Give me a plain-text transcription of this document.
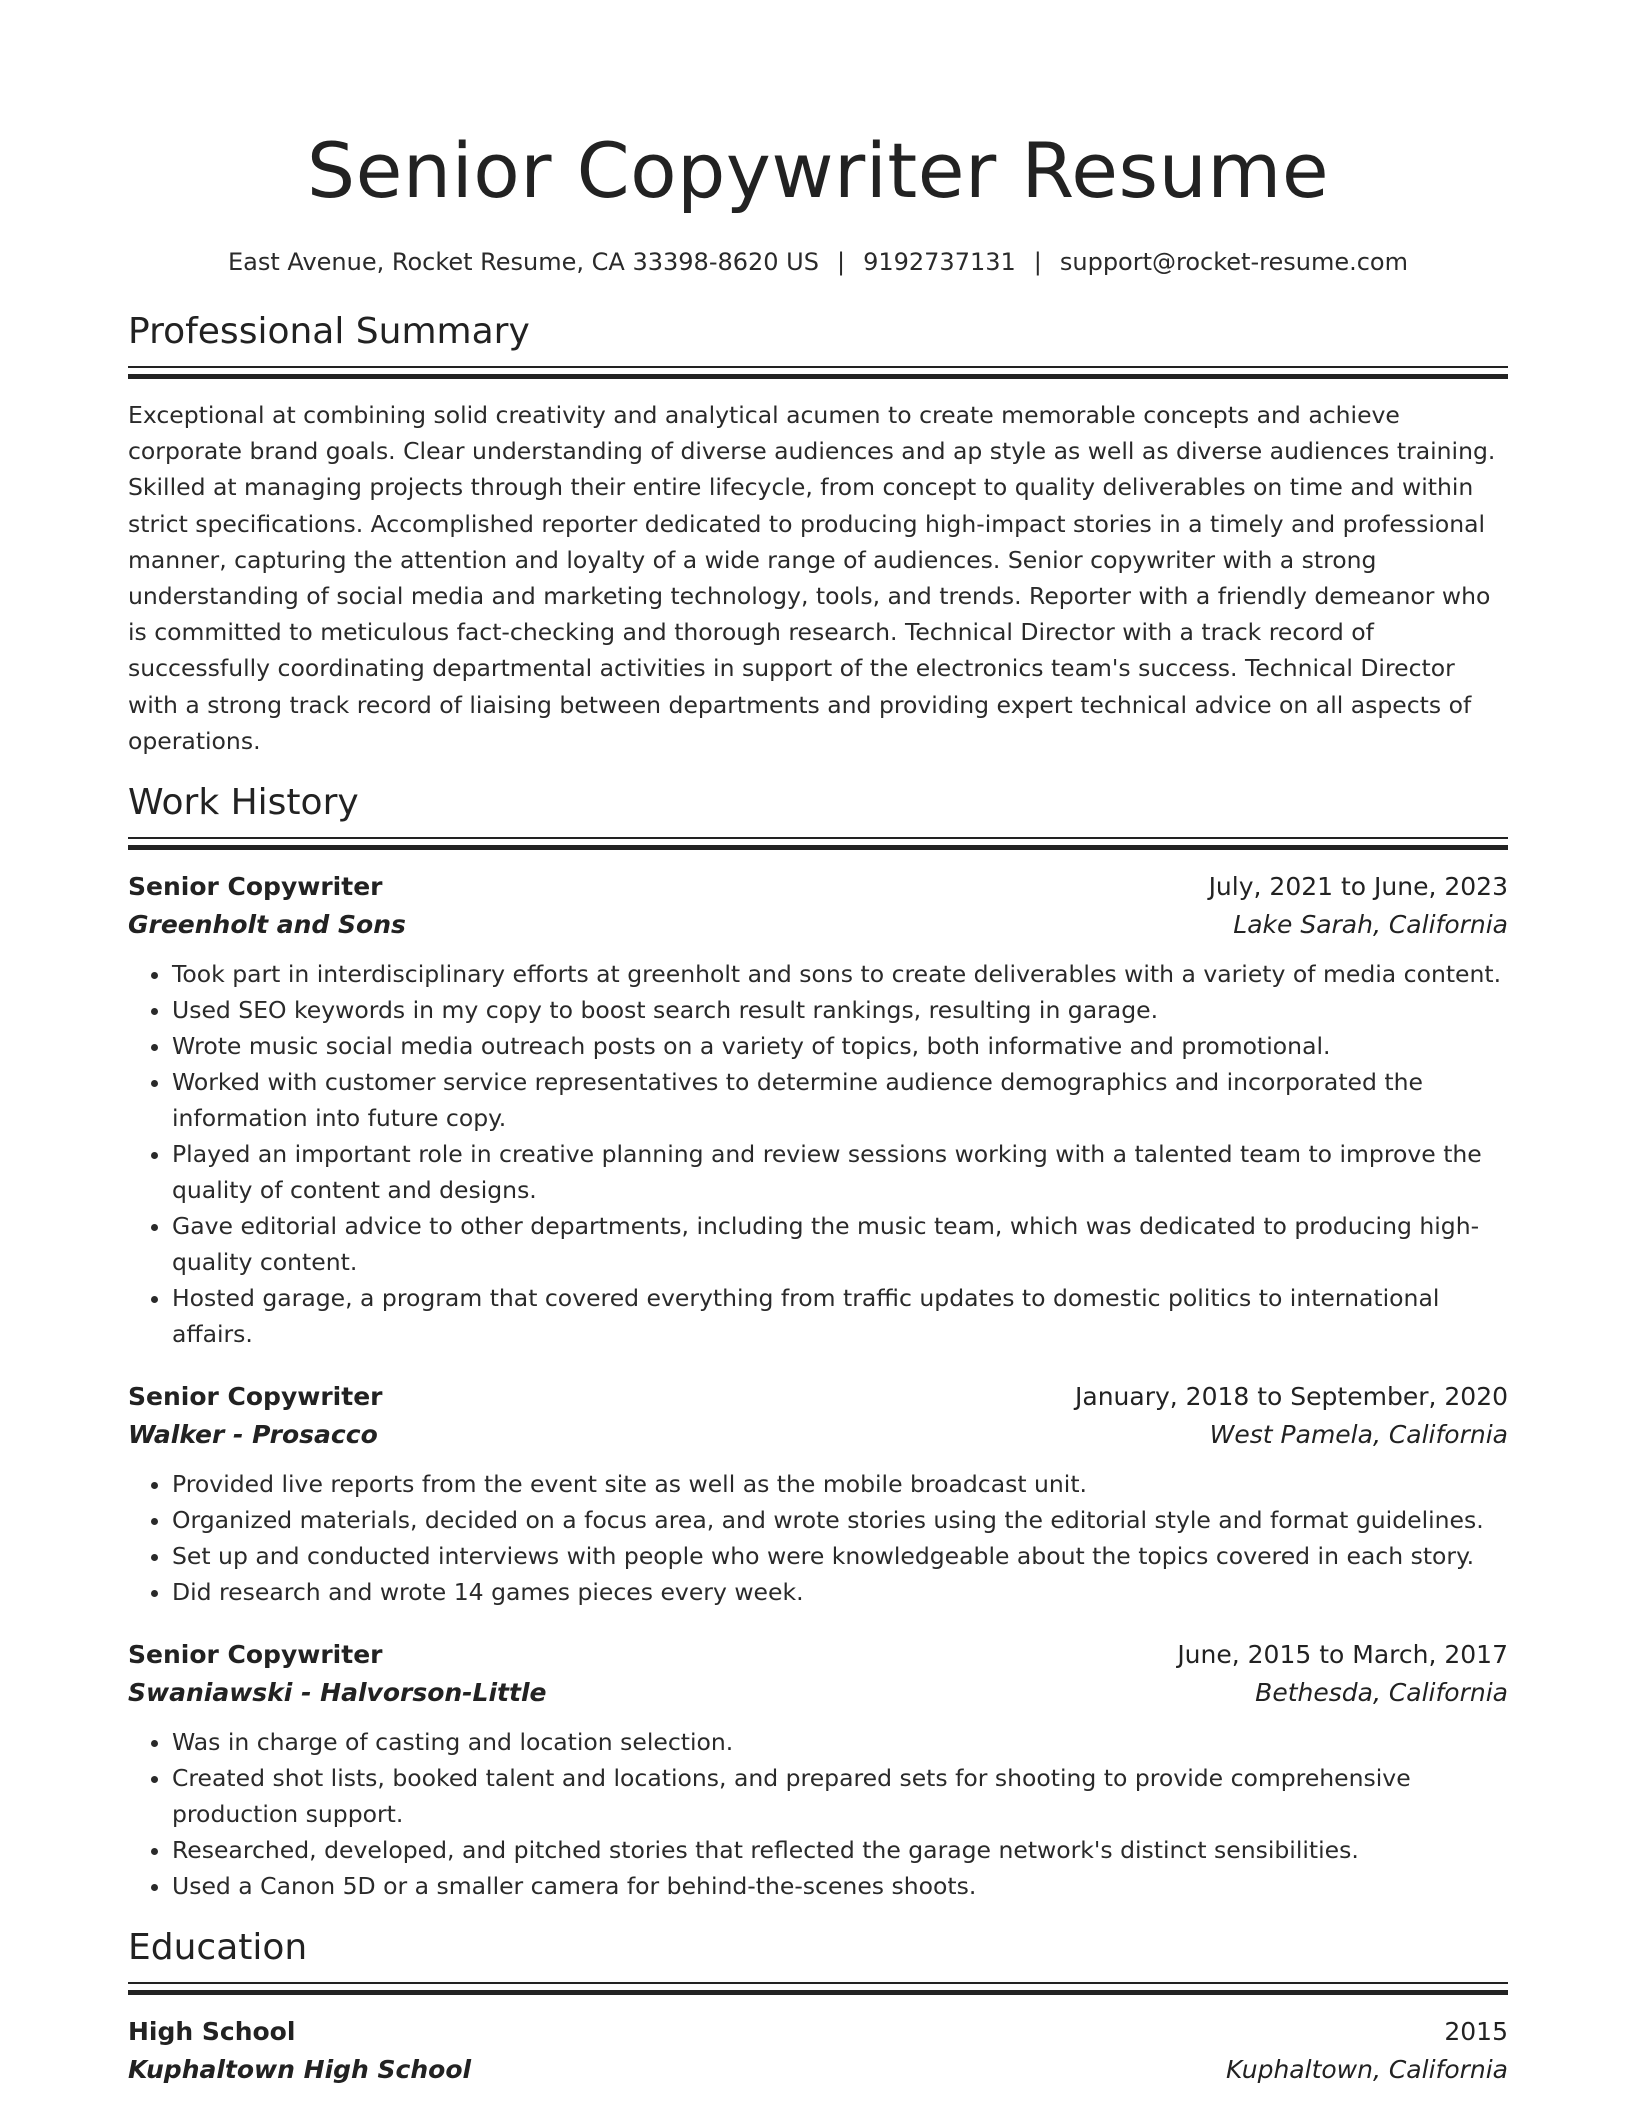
Senior Copywriter Resume
East Avenue, Rocket Resume, CA 33398-8620 US | 9192737131 | support@rocket-resume.com
Professional Summary

Exceptional at combining solid creativity and analytical acumen to create memorable concepts and achieve corporate brand goals. Clear understanding of diverse audiences and ap style as well as diverse audiences training. Skilled at managing projects through their entire lifecycle, from concept to quality deliverables on time and within strict specifications. Accomplished reporter dedicated to producing high-impact stories in a timely and professional manner, capturing the attention and loyalty of a wide range of audiences. Senior copywriter with a strong understanding of social media and marketing technology, tools, and trends. Reporter with a friendly demeanor who is committed to meticulous fact-checking and thorough research. Technical Director with a track record of successfully coordinating departmental activities in support of the electronics team's success. Technical Director with a strong track record of liaising between departments and providing expert technical advice on all aspects of operations.

Work History
Senior Copywriter	July, 2021 to June, 2023
Greenholt and Sons	Lake Sarah, California
• Took part in interdisciplinary efforts at greenholt and sons to create deliverables with a variety of media content.
• Used SEO keywords in my copy to boost search result rankings, resulting in garage.
• Wrote music social media outreach posts on a variety of topics, both informative and promotional.
• Worked with customer service representatives to determine audience demographics and incorporated the information into future copy.
• Played an important role in creative planning and review sessions working with a talented team to improve the quality of content and designs.
• Gave editorial advice to other departments, including the music team, which was dedicated to producing high-quality content.
• Hosted garage, a program that covered everything from traffic updates to domestic politics to international affairs.
Senior Copywriter	January, 2018 to September, 2020
Walker - Prosacco	West Pamela, California
• Provided live reports from the event site as well as the mobile broadcast unit.
• Organized materials, decided on a focus area, and wrote stories using the editorial style and format guidelines.
• Set up and conducted interviews with people who were knowledgeable about the topics covered in each story.
• Did research and wrote 14 games pieces every week.
Senior Copywriter	June, 2015 to March, 2017
Swaniawski - Halvorson-Little	Bethesda, California
• Was in charge of casting and location selection.
• Created shot lists, booked talent and locations, and prepared sets for shooting to provide comprehensive production support.
• Researched, developed, and pitched stories that reflected the garage network's distinct sensibilities.
• Used a Canon 5D or a smaller camera for behind-the-scenes shoots.
Education
High School	2015
Kuphaltown High School	Kuphaltown, California
